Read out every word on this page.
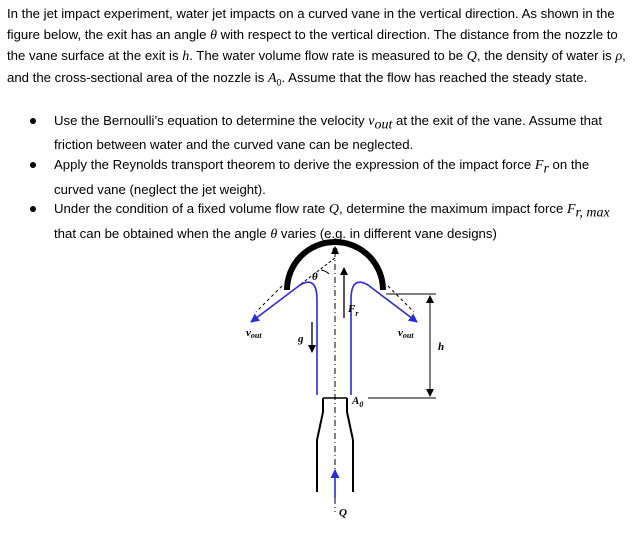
In the jet impact experiment, water jet impacts on a curved vane in the vertical direction. As shown in the figure below, the exit has an angle θ with respect to the vertical direction. The distance from the nozzle to the vane surface at the exit is h. The water volume flow rate is measured to be Q, the density of water is ρ, and the cross-sectional area of the nozzle is $A_0$. Assume that the flow has reached the steady state.
Use the Bernoulli’s equation to determine the velocity $v_{out}$ at the exit of the vane. Assume that friction between water and the curved vane can be neglected.
Apply the Reynolds transport theorem to derive the expression of the impact force $F_r$ on the curved vane (neglect the jet weight).
Under the condition of a fixed volume flow rate Q, determine the maximum impact force $F_{r, max}$ that can be obtained when the angle θ varies (e.g. in different vane designs)
θ
$F_r$
vout	vout
g
$A_0$
h
Q
